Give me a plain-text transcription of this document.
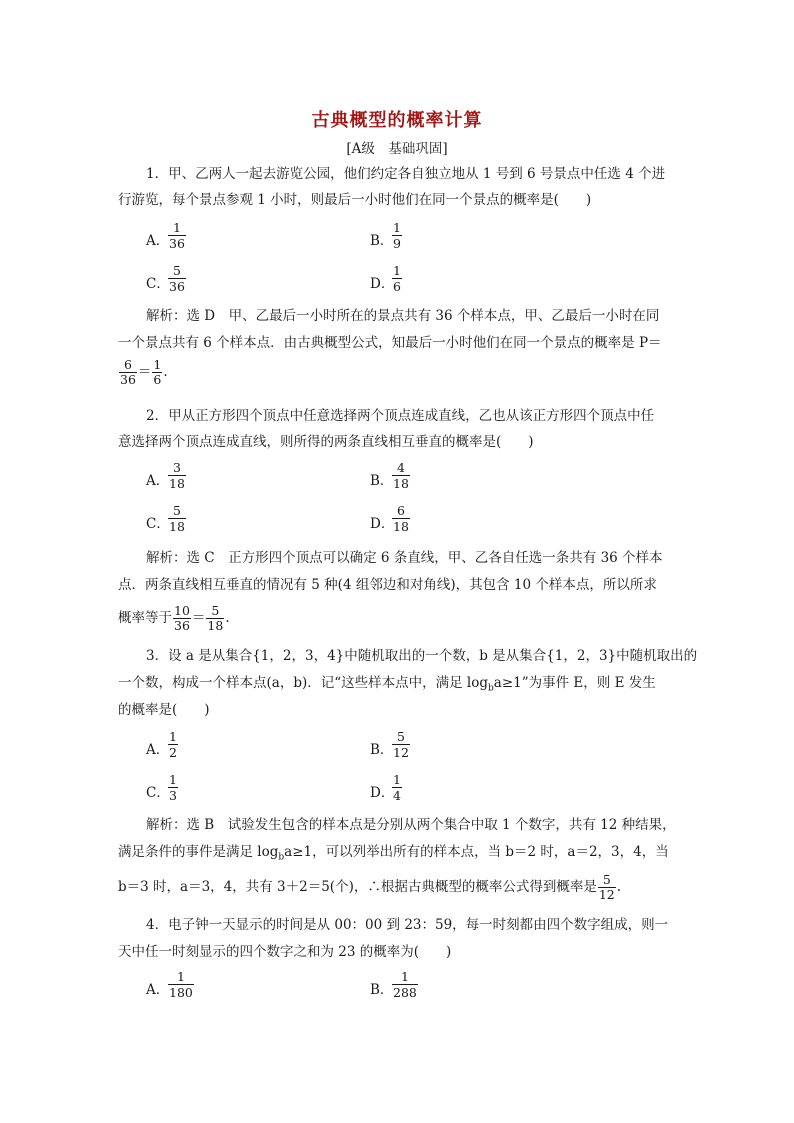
古典概型的概率计算
[A级　基础巩固]
1．甲、乙两人一起去游览公园，他们约定各自独立地从 1 号到 6 号景点中任选 4 个进
行游览，每个景点参观 1 小时，则最后一小时他们在同一个景点的概率是(　　)
A．
$\frac{1}{36}$	B．
$\frac{1}{9}$
C．
$\frac{5}{36}$	D．
$\frac{1}{6}$
解析：选 D　甲、乙最后一小时所在的景点共有 36 个样本点，甲、乙最后一小时在同
一个景点共有 6 个样本点．由古典概型公式，知最后一小时他们在同一个景点的概率是 P＝
$\frac{6}{36} = \frac{1}{6}$ .
2．甲从正方形四个顶点中任意选择两个顶点连成直线，乙也从该正方形四个顶点中任
意选择两个顶点连成直线，则所得的两条直线相互垂直的概率是(　　)
A．
$\frac{3}{18}$	B．
$\frac{4}{18}$
C．
$\frac{5}{18}$	D．
$\frac{6}{18}$
解析：选 C　正方形四个顶点可以确定 6 条直线，甲、乙各自任选一条共有 36 个样本
点．两条直线相互垂直的情况有 5 种(4 组邻边和对角线)，其包含 10 个样本点，所以所求
概率等于 $\frac{10}{36} = \frac{5}{18}$ .
3．设 a 是从集合{1，2，3，4}中随机取出的一个数，b 是从集合{1，2，3}中随机取出的
一个数，构成一个样本点(a，b)．记“这些样本点中，满足 $\log_ba\ge 1$”为事件 E，则 E 发生
的概率是(　　)
A．
$\frac{1}{2}$	B．
$\frac{5}{12}$
C．
$\frac{1}{3}$	D．
$\frac{1}{4}$
解析：选 B　试验发生包含的样本点是分别从两个集合中取 1 个数字，共有 12 种结果，
满足条件的事件是满足 $\log_ba\ge 1$，可以列举出所有的样本点，当 b＝2 时，a＝2，3，4，当
b＝3 时，a＝3，4，共有 3＋2＝5(个)，∴根据古典概型的概率公式得到概率是 $\frac{5}{12}$ .
4．电子钟一天显示的时间是从 00：00 到 23：59，每一时刻都由四个数字组成，则一
天中任一时刻显示的四个数字之和为 23 的概率为(　　)
A．
$\frac{1}{180}$	B．
$\frac{1}{288}$
